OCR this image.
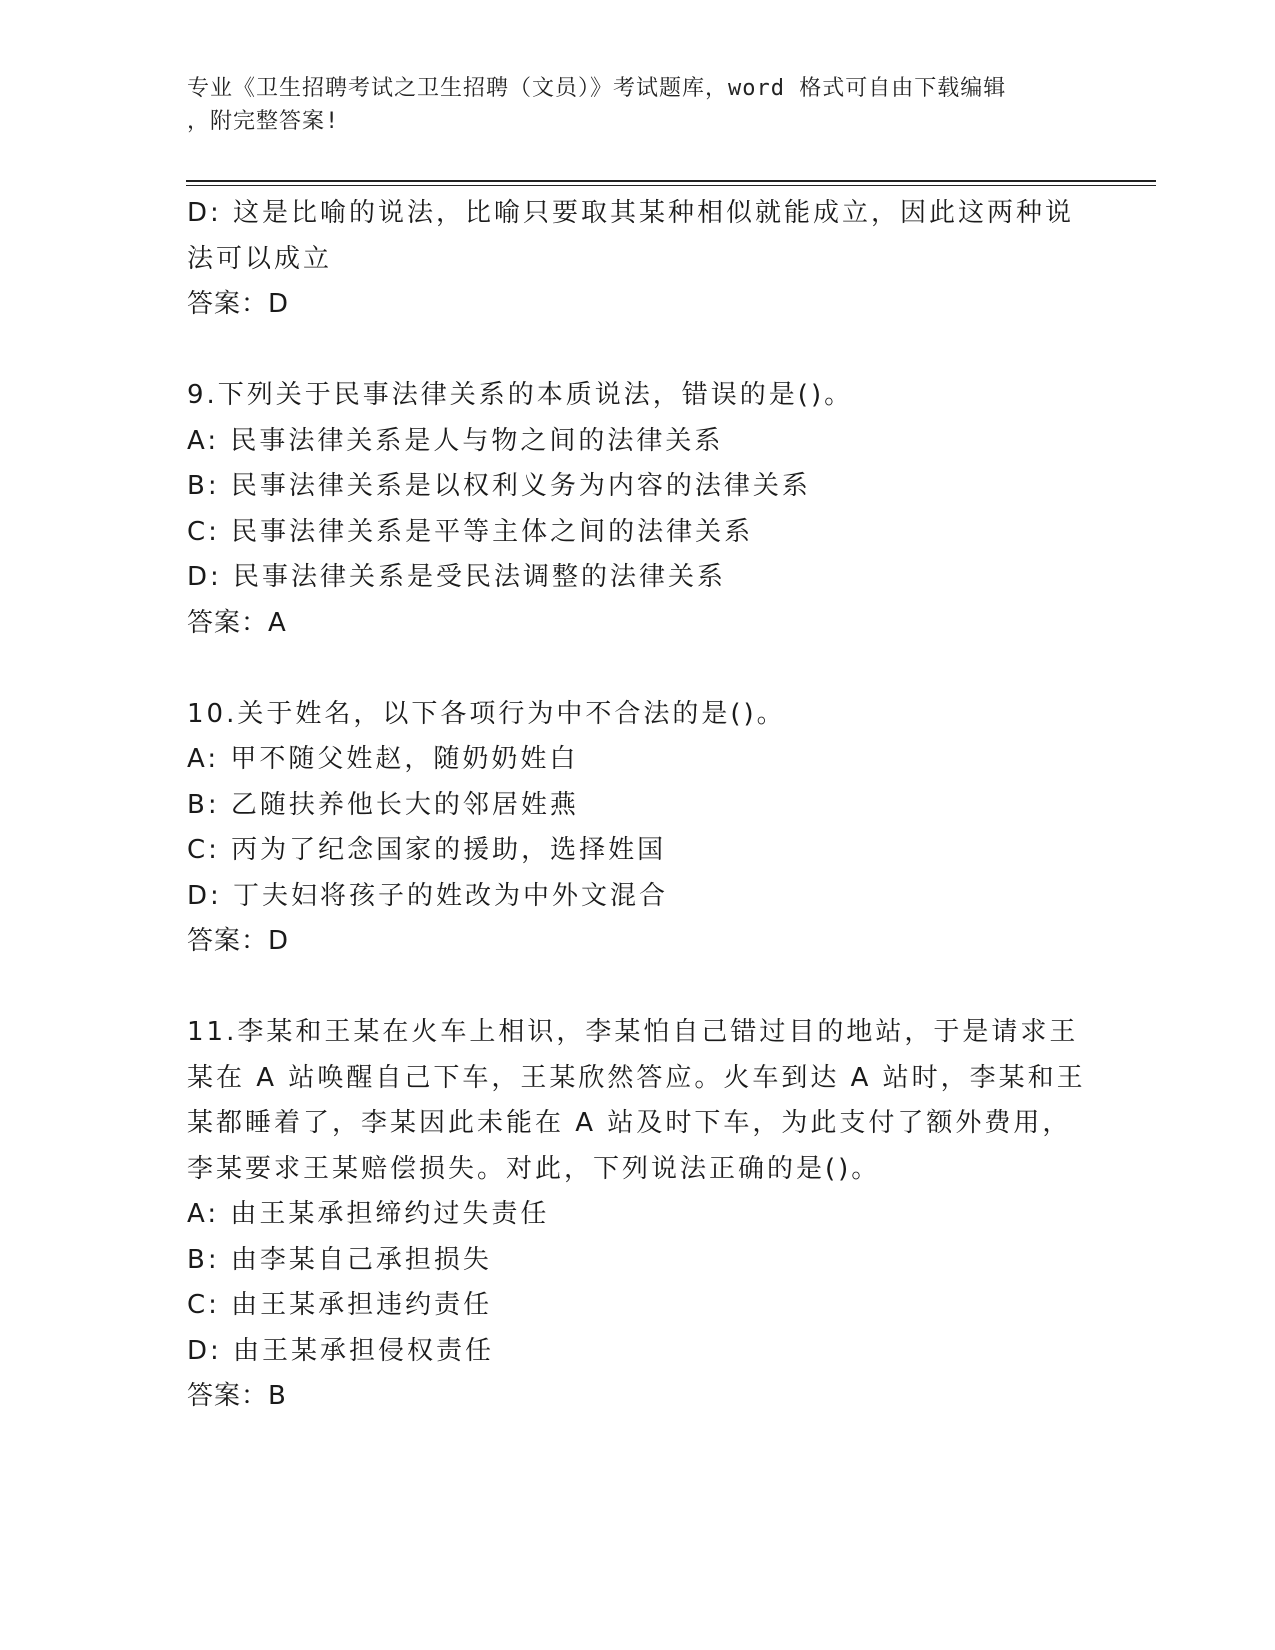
专业《卫生招聘考试之卫生招聘（文员）》考试题库，word 格式可自由下载编辑
，附完整答案!
D: 这是比喻的说法，比喻只要取其某种相似就能成立，因此这两种说
法可以成立
答案：D
9.下列关于民事法律关系的本质说法，错误的是()。
A: 民事法律关系是人与物之间的法律关系
B: 民事法律关系是以权利义务为内容的法律关系
C: 民事法律关系是平等主体之间的法律关系
D: 民事法律关系是受民法调整的法律关系
答案：A
10.关于姓名，以下各项行为中不合法的是()。
A: 甲不随父姓赵，随奶奶姓白
B: 乙随扶养他长大的邻居姓燕
C: 丙为了纪念国家的援助，选择姓国
D: 丁夫妇将孩子的姓改为中外文混合
答案：D
11.李某和王某在火车上相识，李某怕自己错过目的地站，于是请求王
某在 A 站唤醒自己下车，王某欣然答应。火车到达 A 站时，李某和王
某都睡着了，李某因此未能在 A 站及时下车，为此支付了额外费用，
李某要求王某赔偿损失。对此，下列说法正确的是()。
A: 由王某承担缔约过失责任
B: 由李某自己承担损失
C: 由王某承担违约责任
D: 由王某承担侵权责任
答案：B
